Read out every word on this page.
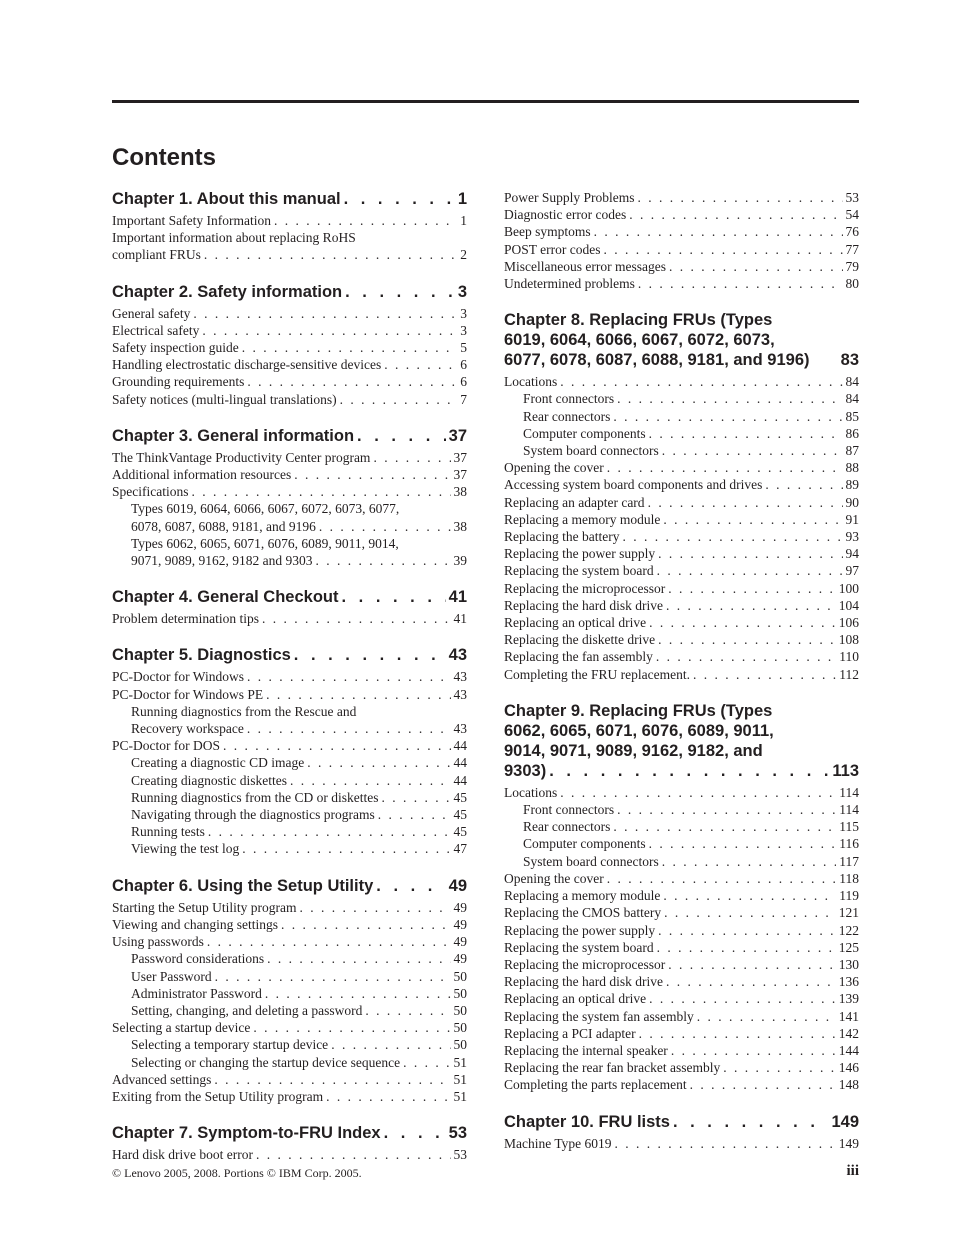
Contents
Chapter 1. About this manual . . .	1
Important Safety Information . . .	1
Important information about replacing RoHS
compliant FRUs . . .	2
Chapter 2. Safety information . . .	3
General safety . . .	3
Electrical safety . . .	3
Safety inspection guide . . .	5
Handling electrostatic discharge-sensitive devices . . .	6
Grounding requirements . . .	6
Safety notices (multi-lingual translations) . . .	7
Chapter 3. General information . . .	37
The ThinkVantage Productivity Center program . . .	37
Additional information resources . . .	37
Specifications . . .	38
Types 6019, 6064, 6066, 6067, 6072, 6073, 6077,
6078, 6087, 6088, 9181, and 9196 . . .	38
Types 6062, 6065, 6071, 6076, 6089, 9011, 9014,
9071, 9089, 9162, 9182 and 9303 . . .	39
Chapter 4. General Checkout . . .	41
Problem determination tips . . .	41
Chapter 5. Diagnostics . . .	43
PC-Doctor for Windows . . .	43
PC-Doctor for Windows PE . . .	43
Running diagnostics from the Rescue and
Recovery workspace . . .	43
PC-Doctor for DOS . . .	44
Creating a diagnostic CD image . . .	44
Creating diagnostic diskettes . . .	44
Running diagnostics from the CD or diskettes . . .	45
Navigating through the diagnostics programs . . .	45
Running tests . . .	45
Viewing the test log . . .	47
Chapter 6. Using the Setup Utility . . .	49
Starting the Setup Utility program . . .	49
Viewing and changing settings . . .	49
Using passwords . . .	49
Password considerations . . .	49
User Password . . .	50
Administrator Password . . .	50
Setting, changing, and deleting a password . . .	50
Selecting a startup device . . .	50
Selecting a temporary startup device . . .	50
Selecting or changing the startup device sequence . . .	51
Advanced settings . . .	51
Exiting from the Setup Utility program . . .	51
Chapter 7. Symptom-to-FRU Index . . .	53
Hard disk drive boot error . . .	53
Power Supply Problems . . .	53
Diagnostic error codes . . .	54
Beep symptoms . . .	76
POST error codes . . .	77
Miscellaneous error messages . . .	79
Undetermined problems . . .	80
Chapter 8. Replacing FRUs (Types
6019, 6064, 6066, 6067, 6072, 6073,
6077, 6078, 6087, 6088, 9181, and 9196) 83
Locations . . .	84
Front connectors . . .	84
Rear connectors . . .	85
Computer components . . .	86
System board connectors . . .	87
Opening the cover . . .	88
Accessing system board components and drives . . .	89
Replacing an adapter card . . .	90
Replacing a memory module . . .	91
Replacing the battery . . .	93
Replacing the power supply . . .	94
Replacing the system board . . .	97
Replacing the microprocessor . . .	100
Replacing the hard disk drive . . .	104
Replacing an optical drive . . .	106
Replacing the diskette drive . . .	108
Replacing the fan assembly . . .	110
Completing the FRU replacement. . . .	112
Chapter 9. Replacing FRUs (Types
6062, 6065, 6071, 6076, 6089, 9011,
9014, 9071, 9089, 9162, 9182, and
9303) . . .	113
Locations . . .	114
Front connectors . . .	114
Rear connectors . . .	115
Computer components . . .	116
System board connectors . . .	117
Opening the cover . . .	118
Replacing a memory module . . .	119
Replacing the CMOS battery . . .	121
Replacing the power supply . . .	122
Replacing the system board . . .	125
Replacing the microprocessor . . .	130
Replacing the hard disk drive . . .	136
Replacing an optical drive . . .	139
Replacing the system fan assembly . . .	141
Replacing a PCI adapter . . .	142
Replacing the internal speaker . . .	144
Replacing the rear fan bracket assembly . . .	146
Completing the parts replacement . . .	148
Chapter 10. FRU lists . . .	149
Machine Type 6019 . . .	149
© Lenovo 2005, 2008. Portions © IBM Corp. 2005.	iii
